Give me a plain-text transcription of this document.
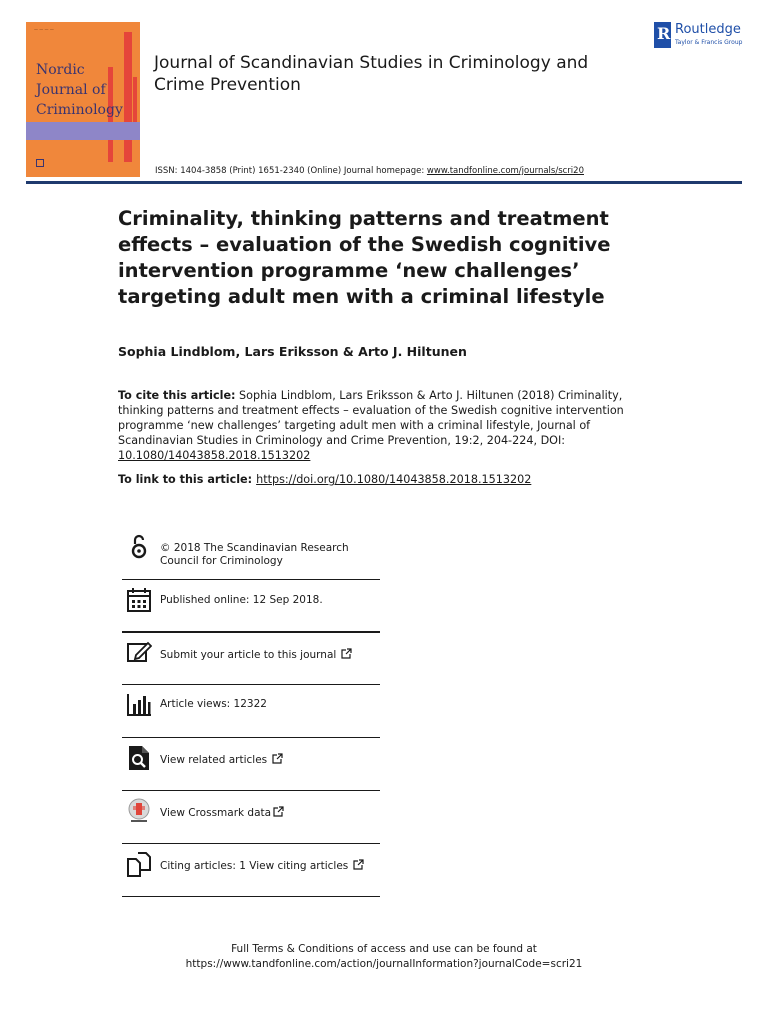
— — — —
Nordic
Journal of
Criminology
Journal of Scandinavian Studies in Criminology and Crime Prevention
R Routledge
Taylor & Francis Group
ISSN: 1404-3858 (Print) 1651-2340 (Online) Journal homepage: www.tandfonline.com/journals/scri20
Criminality, thinking patterns and treatment effects – evaluation of the Swedish cognitive intervention programme ‘new challenges’ targeting adult men with a criminal lifestyle
Sophia Lindblom, Lars Eriksson & Arto J. Hiltunen
To cite this article: Sophia Lindblom, Lars Eriksson & Arto J. Hiltunen (2018) Criminality, thinking patterns and treatment effects – evaluation of the Swedish cognitive intervention programme ‘new challenges’ targeting adult men with a criminal lifestyle, Journal of Scandinavian Studies in Criminology and Crime Prevention, 19:2, 204-224, DOI: 10.1080/14043858.2018.1513202
To link to this article: https://doi.org/10.1080/14043858.2018.1513202
© 2018 The Scandinavian Research Council for Criminology
Published online: 12 Sep 2018.
Submit your article to this journal
Article views: 12322
View related articles
View Crossmark data
Citing articles: 1 View citing articles
Full Terms & Conditions of access and use can be found at
https://www.tandfonline.com/action/journalInformation?journalCode=scri21
